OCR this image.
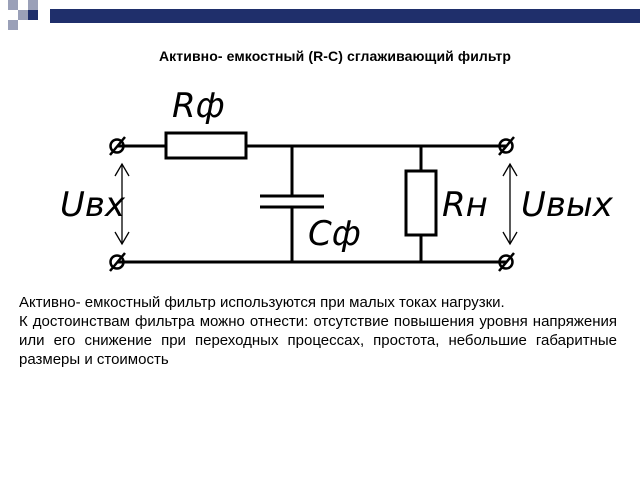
Активно- емкостный (R-C) сглаживающий фильтр
Rф
Cф
Rн
Uвх	Uвых

Активно- емкостный фильтр используются при малых токах нагрузки.

К достоинствам фильтра можно отнести: отсутствие повышения уровня напряжения или его снижение при переходных процессах, простота, небольшие габаритные размеры и стоимость
